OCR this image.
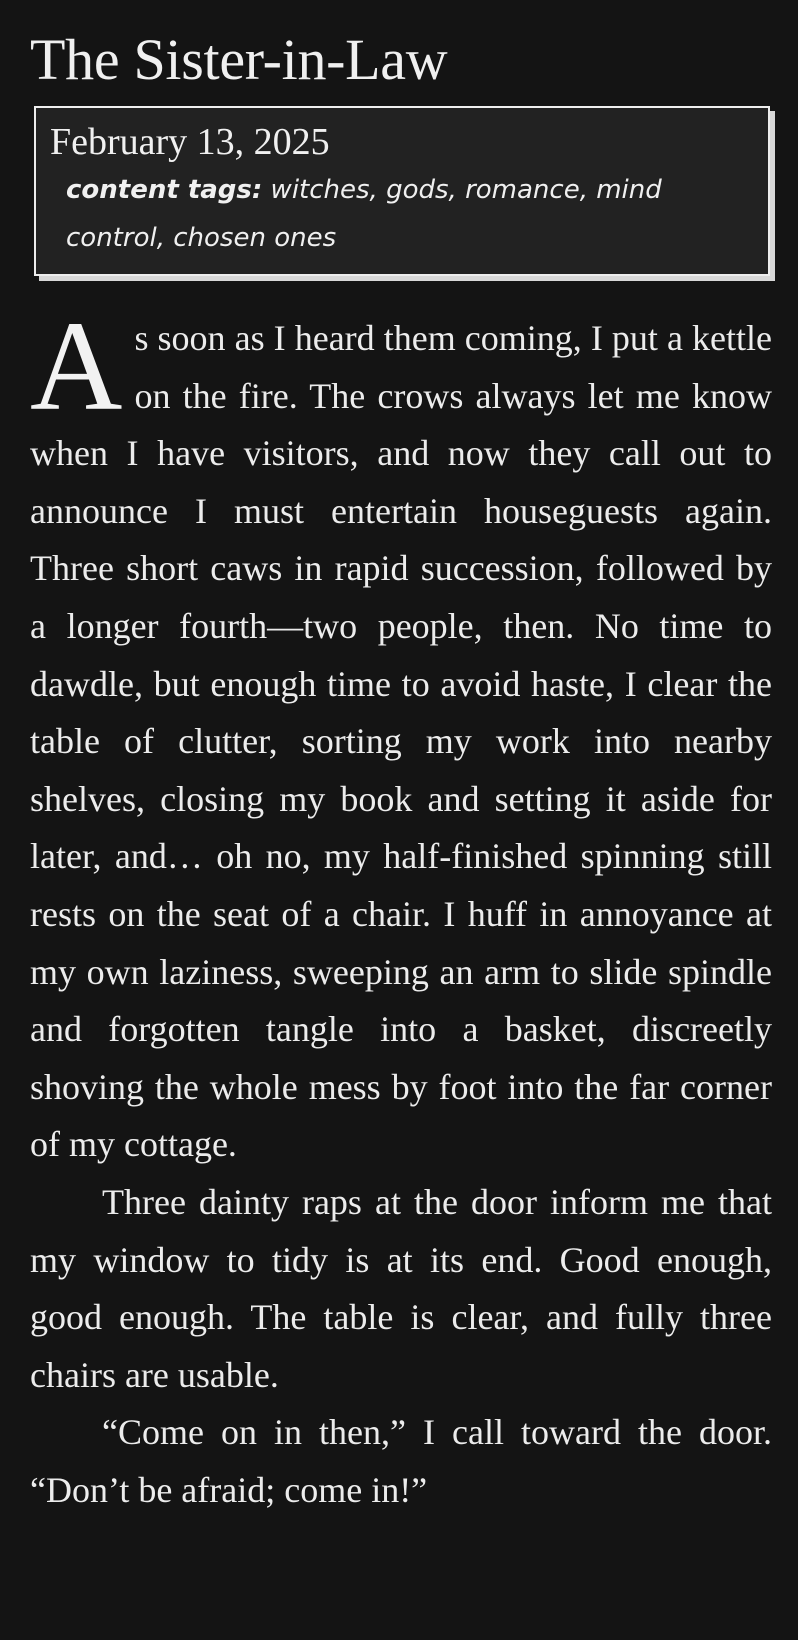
The Sister-in-Law
February 13, 2025
content tags: witches, gods, romance, mind control, chosen ones

As soon as I heard them coming, I put a kettle on the fire. The crows always let me know when I have visitors, and now they call out to announce I must entertain houseguests again. Three short caws in rapid succession, followed by a longer fourth—two people, then. No time to dawdle, but enough time to avoid haste, I clear the table of clutter, sorting my work into nearby shelves, closing my book and setting it aside for later, and… oh no, my half-finished spinning still rests on the seat of a chair. I huff in annoyance at my own laziness, sweeping an arm to slide spindle and forgotten tangle into a basket, discreetly shoving the whole mess by foot into the far corner of my cottage.

Three dainty raps at the door inform me that my window to tidy is at its end. Good enough, good enough. The table is clear, and fully three chairs are usable.

“Come on in then,” I call toward the door. “Don’t be afraid; come in!”
